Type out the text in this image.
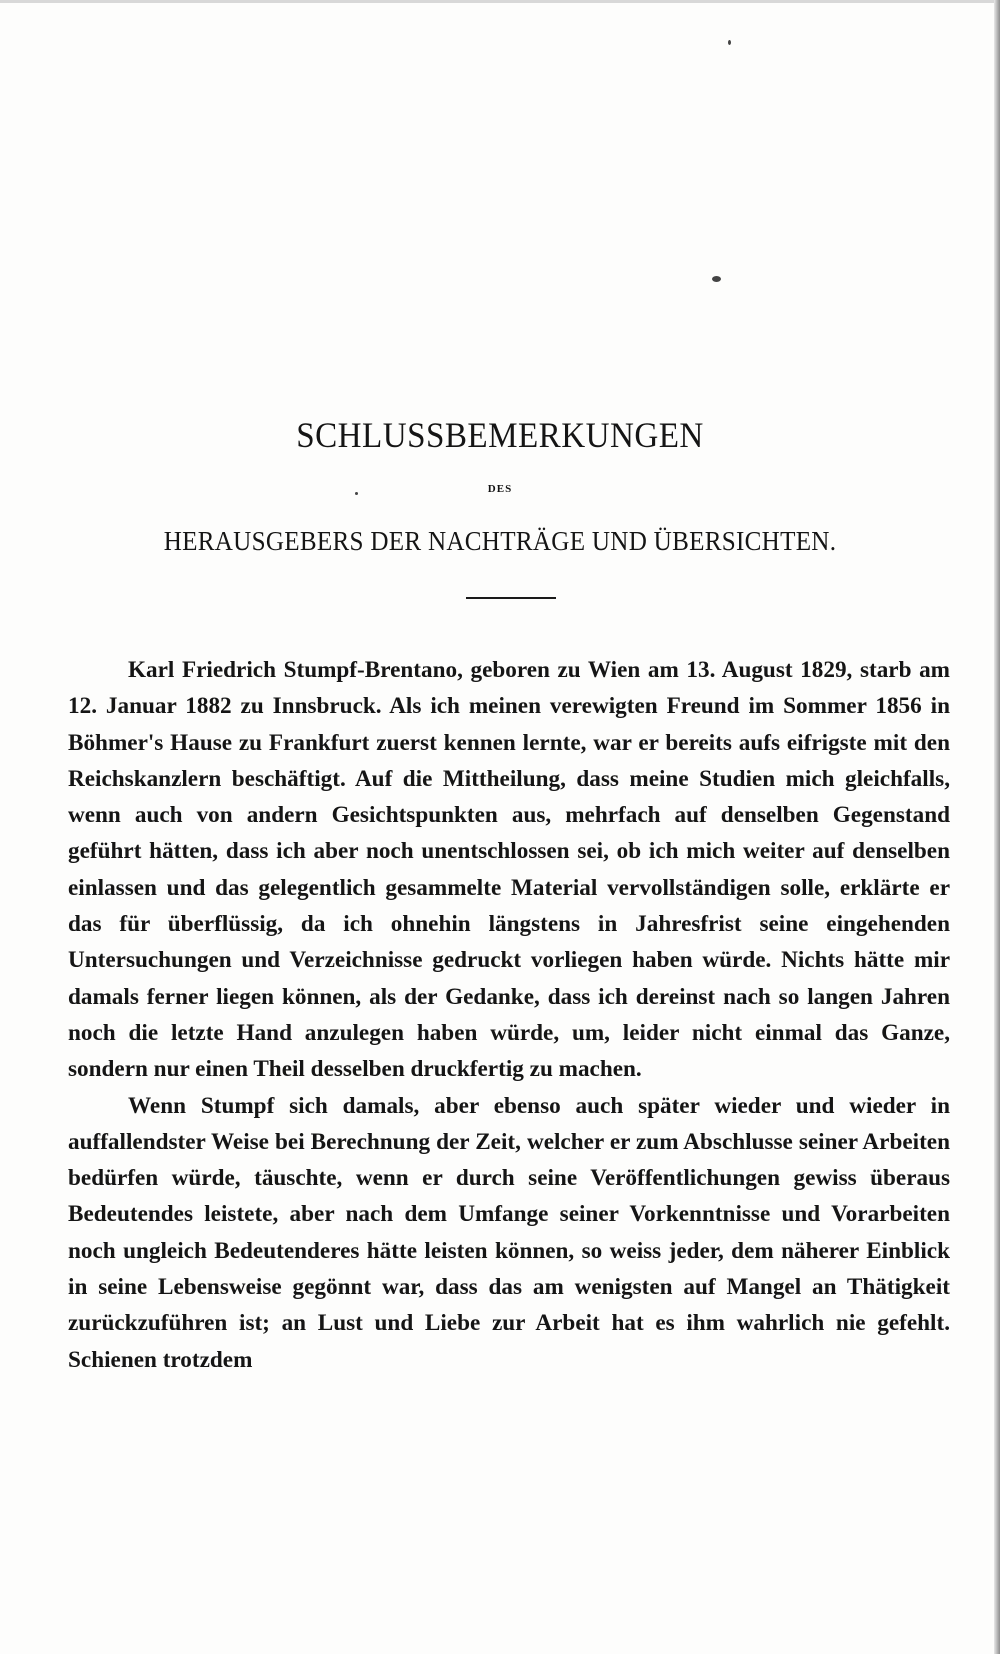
SCHLUSSBEMERKUNGEN
DES
HERAUSGEBERS DER NACHTRÄGE UND ÜBERSICHTEN.

Karl Friedrich Stumpf-Brentano, geboren zu Wien am 13. August 1829, starb am 12. Januar 1882 zu Innsbruck. Als ich meinen verewigten Freund im Sommer 1856 in Böhmer's Hause zu Frankfurt zuerst kennen lernte, war er bereits aufs eifrigste mit den Reichskanzlern beschäftigt. Auf die Mittheilung, dass meine Studien mich gleichfalls, wenn auch von andern Gesichtspunkten aus, mehrfach auf denselben Gegenstand geführt hätten, dass ich aber noch unentschlossen sei, ob ich mich weiter auf denselben einlassen und das gelegentlich gesammelte Material vervollständigen solle, erklärte er das für überflüssig, da ich ohnehin längstens in Jahresfrist seine eingehenden Untersuchungen und Verzeichnisse gedruckt vorliegen haben würde. Nichts hätte mir damals ferner liegen können, als der Gedanke, dass ich dereinst nach so langen Jahren noch die letzte Hand anzulegen haben würde, um, leider nicht einmal das Ganze, sondern nur einen Theil desselben druckfertig zu machen.

Wenn Stumpf sich damals, aber ebenso auch später wieder und wieder in auffallendster Weise bei Berechnung der Zeit, welcher er zum Abschlusse seiner Arbeiten bedürfen würde, täuschte, wenn er durch seine Veröffentlichungen gewiss überaus Bedeutendes leistete, aber nach dem Umfange seiner Vorkenntnisse und Vorarbeiten noch ungleich Bedeutenderes hätte leisten können, so weiss jeder, dem näherer Einblick in seine Lebensweise gegönnt war, dass das am wenigsten auf Mangel an Thätigkeit zurückzuführen ist; an Lust und Liebe zur Arbeit hat es ihm wahrlich nie gefehlt. Schienen trotzdem
